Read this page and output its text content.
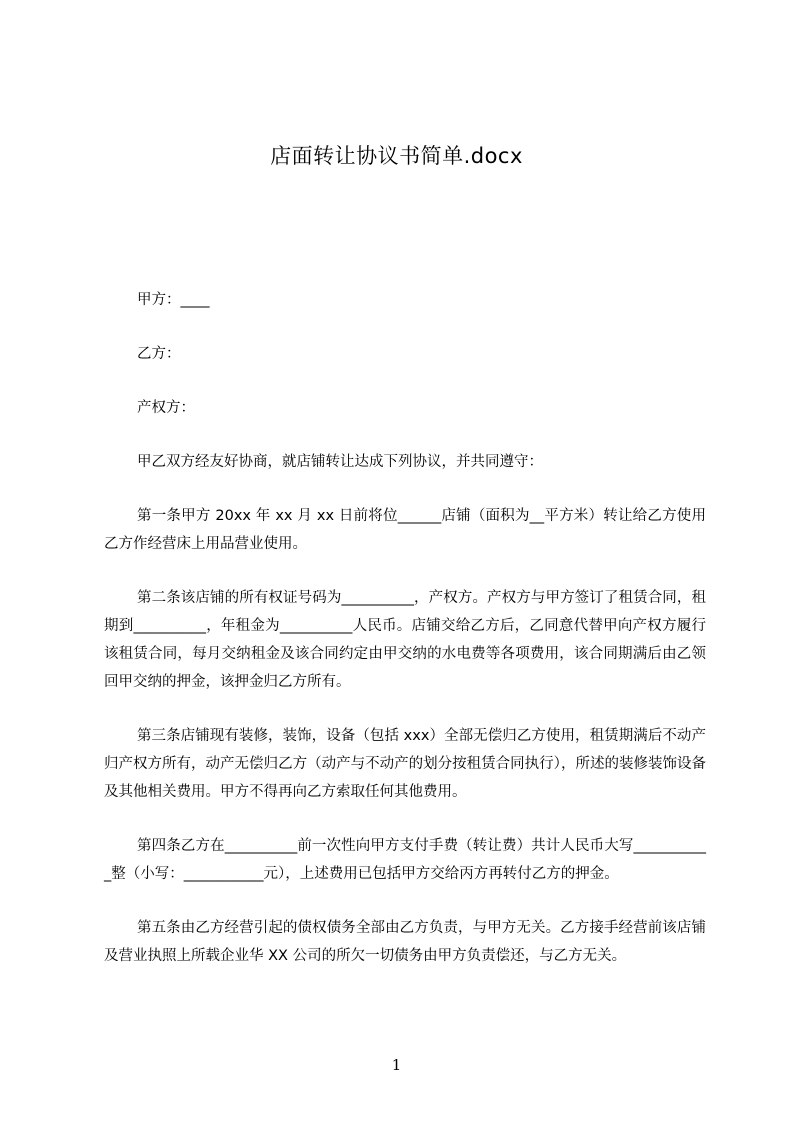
店面转让协议书简单.docx

甲方：____

乙方：

产权方：

甲乙双方经友好协商，就店铺转让达成下列协议，并共同遵守：

第一条甲方 20xx 年 xx 月 xx 日前将位______店铺（面积为__平方米）转让给乙方使用乙方作经营床上用品营业使用。

第二条该店铺的所有权证号码为__________，产权方。产权方与甲方签订了租赁合同，租期到__________，年租金为__________人民币。店铺交给乙方后，乙同意代替甲向产权方履行该租赁合同，每月交纳租金及该合同约定由甲交纳的水电费等各项费用，该合同期满后由乙领回甲交纳的押金，该押金归乙方所有。

第三条店铺现有装修，装饰，设备（包括 xxx）全部无偿归乙方使用，租赁期满后不动产归产权方所有，动产无偿归乙方（动产与不动产的划分按租赁合同执行），所述的装修装饰设备及其他相关费用。甲方不得再向乙方索取任何其他费用。

第四条乙方在__________前一次性向甲方支付手费（转让费）共计人民币大写___________整（小写：___________元），上述费用已包括甲方交给丙方再转付乙方的押金。

第五条由乙方经营引起的债权债务全部由乙方负责，与甲方无关。乙方接手经营前该店铺及营业执照上所载企业华 XX 公司的所欠一切债务由甲方负责偿还，与乙方无关。

1
